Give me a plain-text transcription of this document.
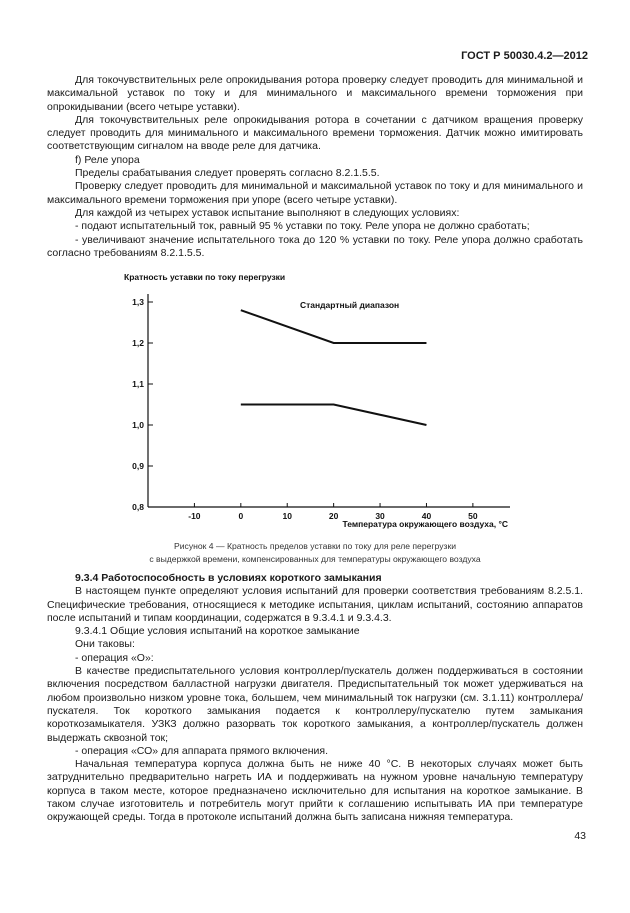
ГОСТ Р 50030.4.2—2012

Для токочувствительных реле опрокидывания ротора проверку следует проводить для минимальной и максимальной уставок по току и для минимального и максимального времени торможения при опрокидывании (всего четыре уставки).

Для токочувствительных реле опрокидывания ротора в сочетании с датчиком вращения проверку следует проводить для минимального и максимального времени торможения. Датчик можно имитировать соответствующим сигналом на вводе реле для датчика.

f) Реле упора

Пределы срабатывания следует проверять согласно 8.2.1.5.5.

Проверку следует проводить для минимальной и максимальной уставок по току и для минимального и максимального времени торможения при упоре (всего четыре уставки).

Для каждой из четырех уставок испытание выполняют в следующих условиях:

- подают испытательный ток, равный 95 % уставки по току. Реле упора не должно сработать;

- увеличивают значение испытательного тока до 120 % уставки по току. Реле упора должно сработать согласно требованиям 8.2.1.5.5.

Кратность уставки по току перегрузки
Стандартный диапазон
Температура окружающего воздуха, °С
0,8
0,9
1,0
1,1
1,2
1,3
-10	0	10	20	30	40	50
Рисунок 4 — Кратность пределов уставки по току для реле перегрузки
с выдержкой времени, компенсированных для температуры окружающего воздуха

9.3.4 Работоспособность в условиях короткого замыкания

В настоящем пункте определяют условия испытаний для проверки соответствия требованиям 8.2.5.1. Специфические требования, относящиеся к методике испытания, циклам испытаний, состоянию аппаратов после испытаний и типам координации, содержатся в 9.3.4.1 и 9.3.4.3.

9.3.4.1 Общие условия испытаний на короткое замыкание

Они таковы:

- операция «О»:

В качестве предиспытательного условия контроллер/пускатель должен поддерживаться в состоянии включения посредством балластной нагрузки двигателя. Предиспытательный ток может удерживаться на любом произвольно низком уровне тока, большем, чем минимальный ток нагрузки (см. 3.1.11) контроллера/пускателя. Ток короткого замыкания подается к контроллеру/пускателю путем замыкания короткозамыкателя. УЗКЗ должно разорвать ток короткого замыкания, а контроллер/пускатель должен выдержать сквозной ток;

- операция «СО» для аппарата прямого включения.

Начальная температура корпуса должна быть не ниже 40 °С. В некоторых случаях может быть затруднительно предварительно нагреть ИА и поддерживать на нужном уровне начальную температуру корпуса в таком месте, которое предназначено исключительно для испытания на короткое замыкание. В таком случае изготовитель и потребитель могут прийти к соглашению испытывать ИА при температуре окружающей среды. Тогда в протоколе испытаний должна быть записана нижняя температура.

43
